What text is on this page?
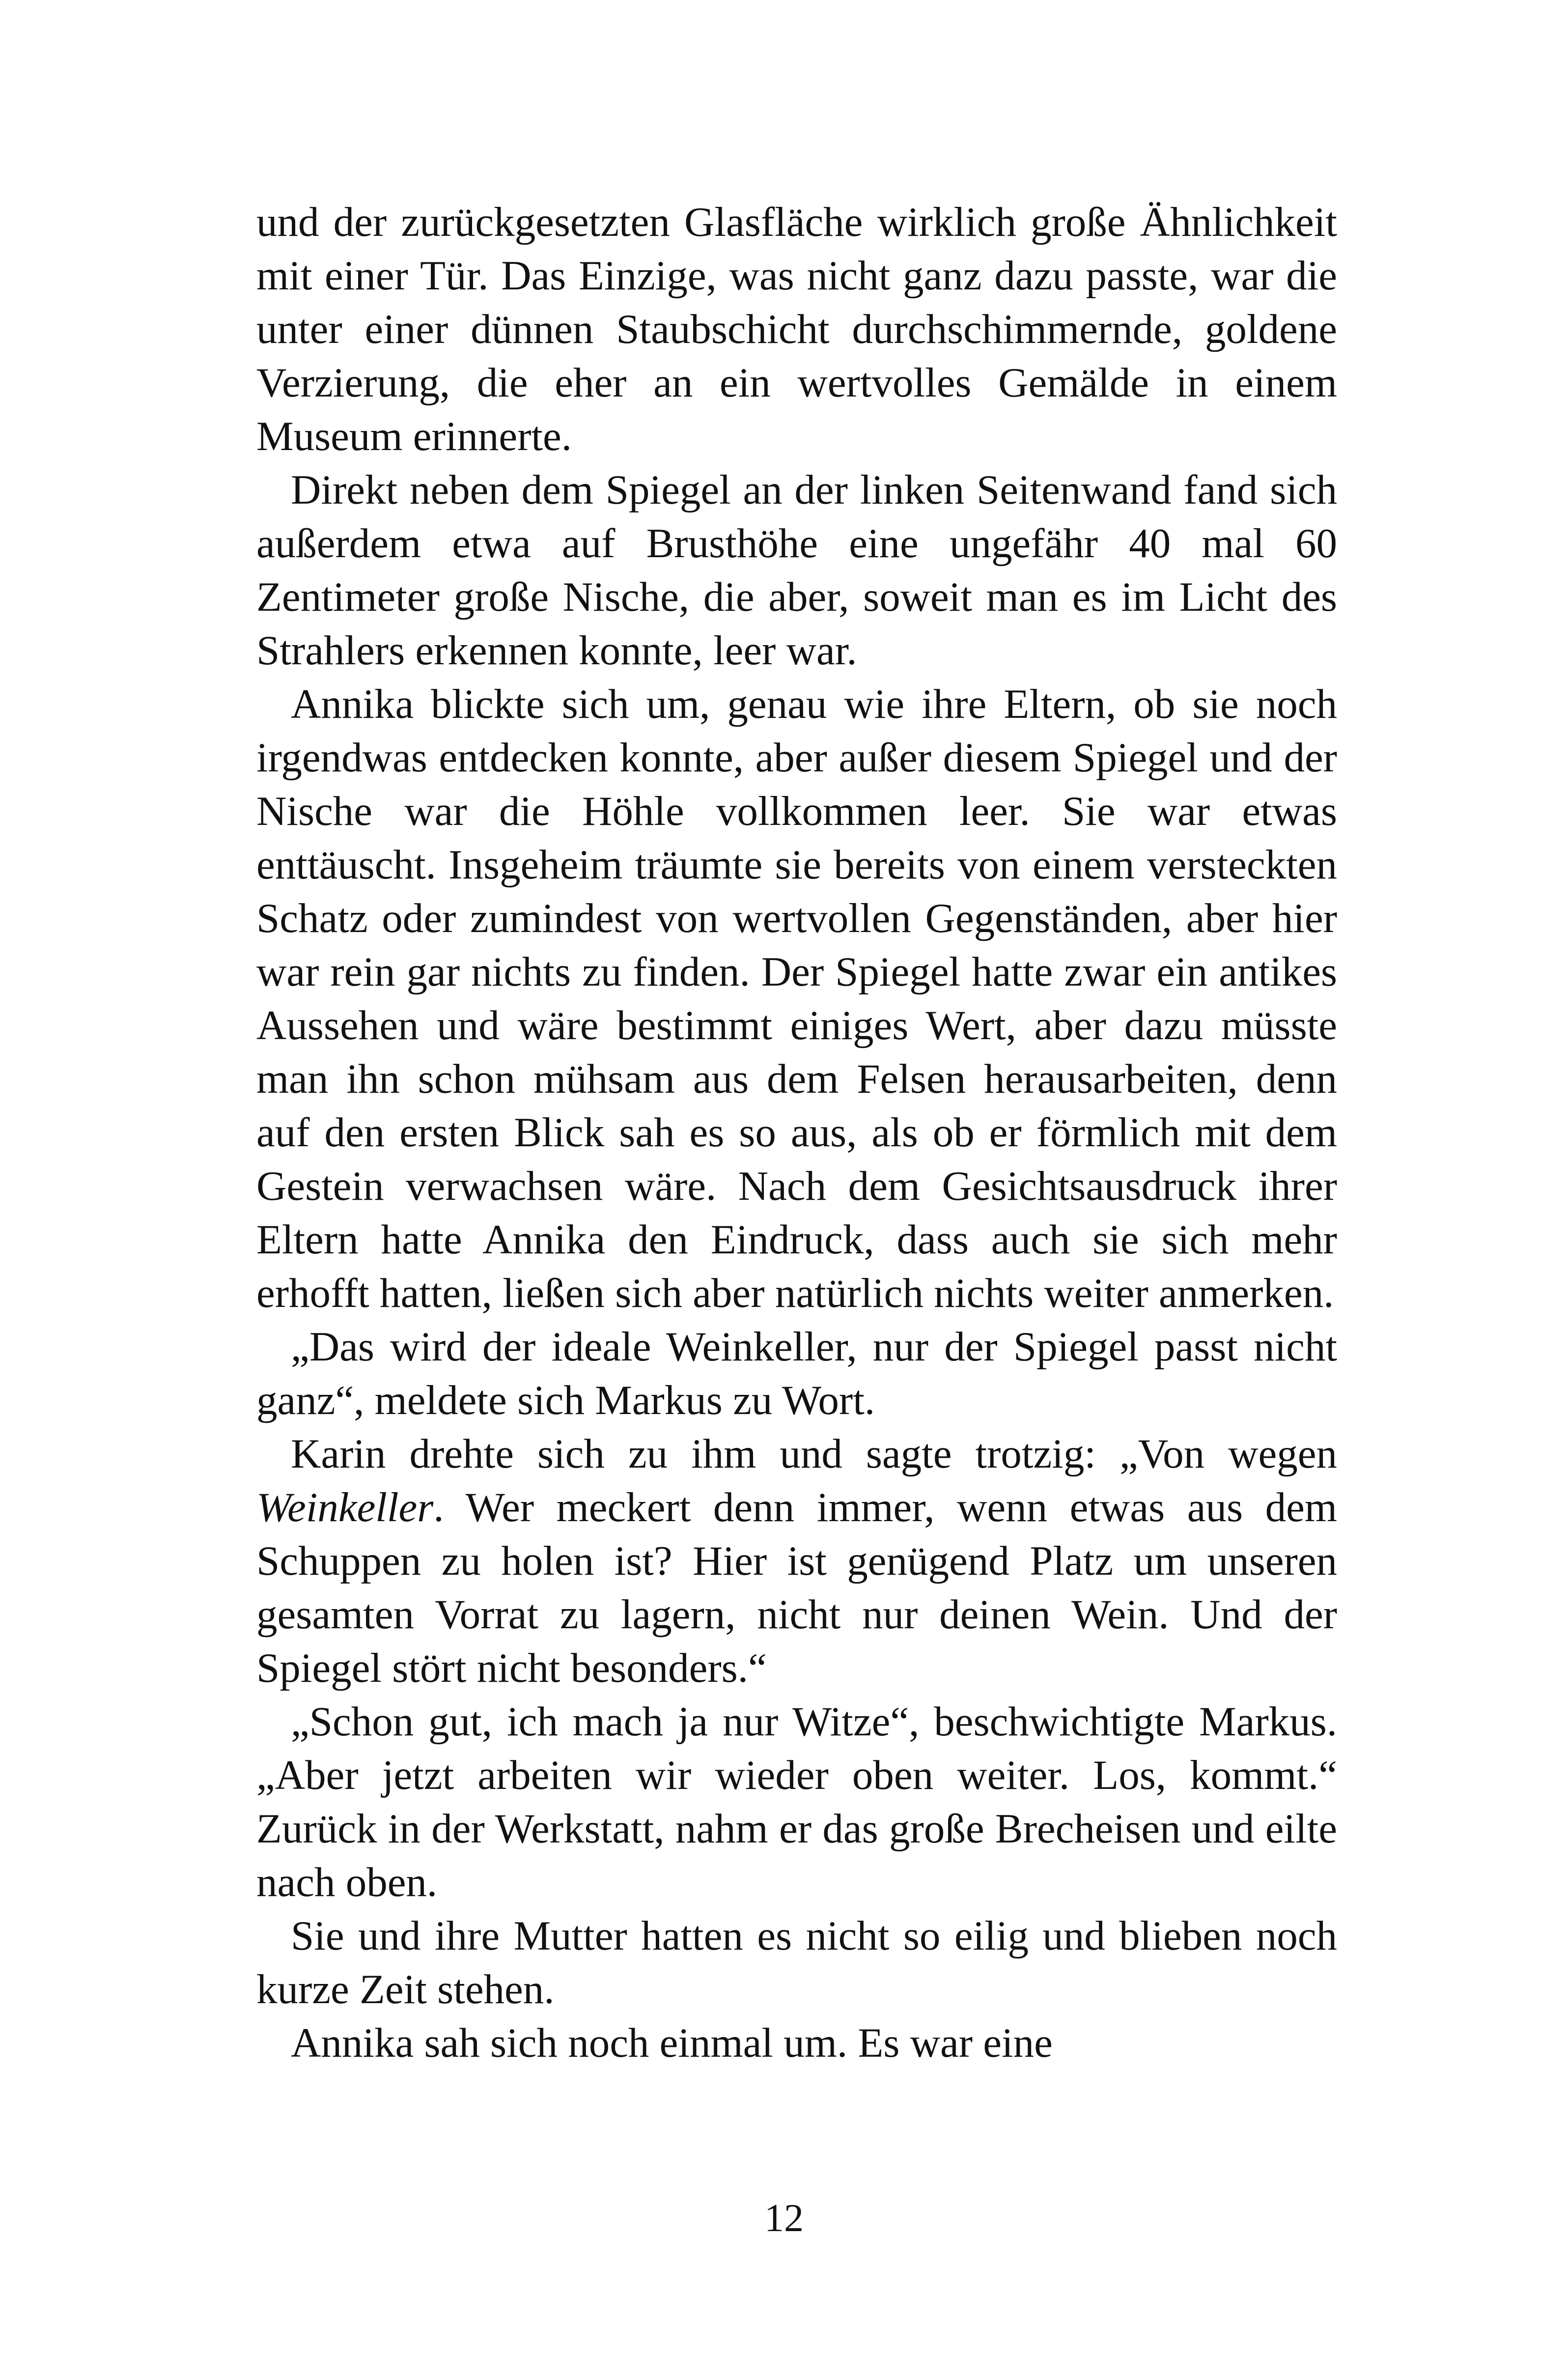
und der zurückgesetzten Glasfläche wirklich große Ähnlichkeit mit einer Tür. Das Einzige, was nicht ganz dazu passte, war die unter einer dünnen Staubschicht durchschimmernde, goldene Verzierung, die eher an ein wertvolles Gemälde in einem Museum erinnerte.

Direkt neben dem Spiegel an der linken Seitenwand fand sich außerdem etwa auf Brusthöhe eine ungefähr 40 mal 60 Zentimeter große Nische, die aber, soweit man es im Licht des Strahlers erkennen konnte, leer war.

Annika blickte sich um, genau wie ihre Eltern, ob sie noch irgendwas entdecken konnte, aber außer diesem Spiegel und der Nische war die Höhle vollkommen leer. Sie war etwas enttäuscht. Insgeheim träumte sie bereits von einem versteckten Schatz oder zumindest von wertvollen Gegenständen, aber hier war rein gar nichts zu finden. Der Spiegel hatte zwar ein antikes Aussehen und wäre bestimmt einiges Wert, aber dazu müsste man ihn schon mühsam aus dem Felsen herausarbeiten, denn auf den ersten Blick sah es so aus, als ob er förmlich mit dem Gestein verwachsen wäre. Nach dem Gesichtsausdruck ihrer Eltern hatte Annika den Eindruck, dass auch sie sich mehr erhofft hatten, ließen sich aber natürlich nichts weiter anmerken.

„Das wird der ideale Weinkeller, nur der Spiegel passt nicht ganz“, meldete sich Markus zu Wort.

Karin drehte sich zu ihm und sagte trotzig: „Von wegen Weinkeller. Wer meckert denn immer, wenn etwas aus dem Schuppen zu holen ist? Hier ist genügend Platz um unseren gesamten Vorrat zu lagern, nicht nur deinen Wein. Und der Spiegel stört nicht besonders.“

„Schon gut, ich mach ja nur Witze“, beschwichtigte Markus. „Aber jetzt arbeiten wir wieder oben weiter. Los, kommt.“ Zurück in der Werkstatt, nahm er das große Brecheisen und eilte nach oben.

Sie und ihre Mutter hatten es nicht so eilig und blieben noch kurze Zeit stehen.

Annika sah sich noch einmal um. Es war eine

12
